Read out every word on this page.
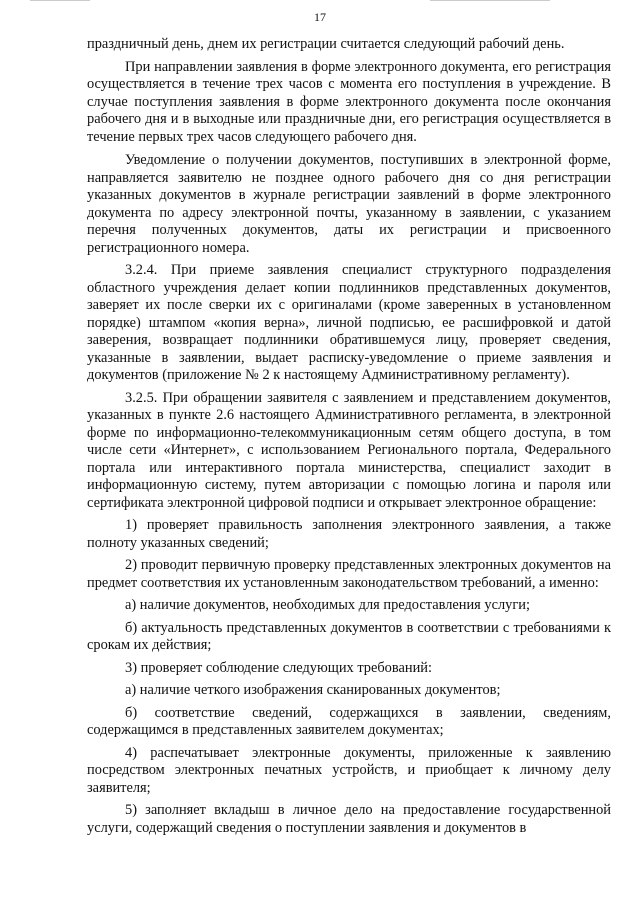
17

праздничный день, днем их регистрации считается следующий рабочий день.

При направлении заявления в форме электронного документа, его регистрация осуществляется в течение трех часов с момента его поступления в учреждение. В случае поступления заявления в форме электронного документа после окончания рабочего дня и в выходные или праздничные дни, его регистрация осуществляется в течение первых трех часов следующего рабочего дня.

Уведомление о получении документов, поступивших в электронной форме, направляется заявителю не позднее одного рабочего дня со дня регистрации указанных документов в журнале регистрации заявлений в форме электронного документа по адресу электронной почты, указанному в заявлении, с указанием перечня полученных документов, даты их регистрации и присвоенного регистрационного номера.

3.2.4. При приеме заявления специалист структурного подразделения областного учреждения делает копии подлинников представленных документов, заверяет их после сверки их с оригиналами (кроме заверенных в установленном порядке) штампом «копия верна», личной подписью, ее расшифровкой и датой заверения, возвращает подлинники обратившемуся лицу, проверяет сведения, указанные в заявлении, выдает расписку-уведомление о приеме заявления и документов (приложение № 2 к настоящему Административному регламенту).

3.2.5. При обращении заявителя с заявлением и представлением документов, указанных в пункте 2.6 настоящего Административного регламента, в электронной форме по информационно-телекоммуникационным сетям общего доступа, в том числе сети «Интернет», с использованием Регионального портала, Федерального портала или интерактивного портала министерства, специалист заходит в информационную систему, путем авторизации с помощью логина и пароля или сертификата электронной цифровой подписи и открывает электронное обращение:

1) проверяет правильность заполнения электронного заявления, а также полноту указанных сведений;

2) проводит первичную проверку представленных электронных документов на предмет соответствия их установленным законодательством требований, а именно:

а) наличие документов, необходимых для предоставления услуги;

б) актуальность представленных документов в соответствии с требованиями к срокам их действия;

3) проверяет соблюдение следующих требований:

а) наличие четкого изображения сканированных документов;

б) соответствие сведений, содержащихся в заявлении, сведениям, содержащимся в представленных заявителем документах;

4) распечатывает электронные документы, приложенные к заявлению посредством электронных печатных устройств, и приобщает к личному делу заявителя;

5) заполняет вкладыш в личное дело на предоставление государственной услуги, содержащий сведения о поступлении заявления и документов в
